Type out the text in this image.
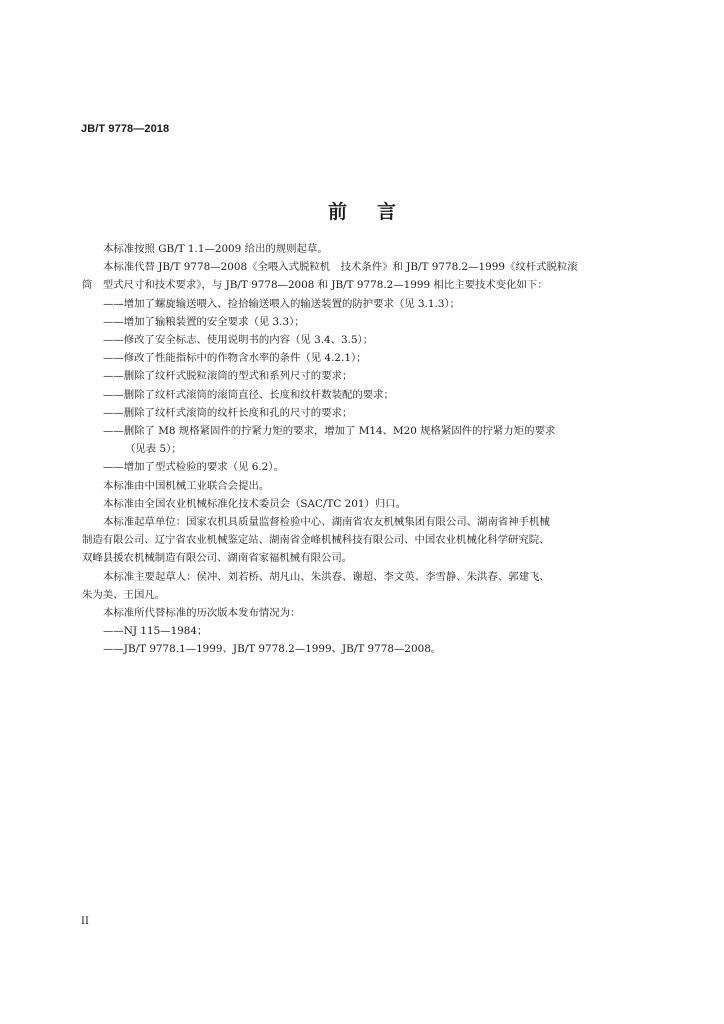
JB/T 9778—2018
前言
本标准按照 GB/T 1.1—2009 给出的规则起草。
本标准代替 JB/T 9778—2008《全喂入式脱粒机　技术条件》和 JB/T 9778.2—1999《纹杆式脱粒滚
筒　型式尺寸和技术要求》，与 JB/T 9778—2008 和 JB/T 9778.2—1999 相比主要技术变化如下：
——增加了螺旋输送喂入、捡拾输送喂入的输送装置的防护要求（见 3.1.3）；
——增加了输粮装置的安全要求（见 3.3）；
——修改了安全标志、使用说明书的内容（见 3.4、3.5）；
——修改了性能指标中的作物含水率的条件（见 4.2.1）；
——删除了纹杆式脱粒滚筒的型式和系列尺寸的要求；
——删除了纹杆式滚筒的滚筒直径、长度和纹杆数装配的要求；
——删除了纹杆式滚筒的纹杆长度和孔的尺寸的要求；
——删除了 M8 规格紧固件的拧紧力矩的要求，增加了 M14、M20 规格紧固件的拧紧力矩的要求
（见表 5）；
——增加了型式检验的要求（见 6.2）。
本标准由中国机械工业联合会提出。
本标准由全国农业机械标准化技术委员会（SAC/TC 201）归口。
本标准起草单位：国家农机具质量监督检验中心、湖南省农友机械集团有限公司、湖南省神手机械
制造有限公司、辽宁省农业机械鉴定站、湖南省金峰机械科技有限公司、中国农业机械化科学研究院、
双峰县援农机械制造有限公司、湖南省家福机械有限公司。
本标准主要起草人：侯冲、刘若桥、胡凡山、朱洪春、谢超、李文英、李雪静、朱洪春、郭建飞、
朱为美、王国凡。
本标准所代替标准的历次版本发布情况为：
——NJ 115—1984；
——JB/T 9778.1—1999、JB/T 9778.2—1999、JB/T 9778—2008。
II
